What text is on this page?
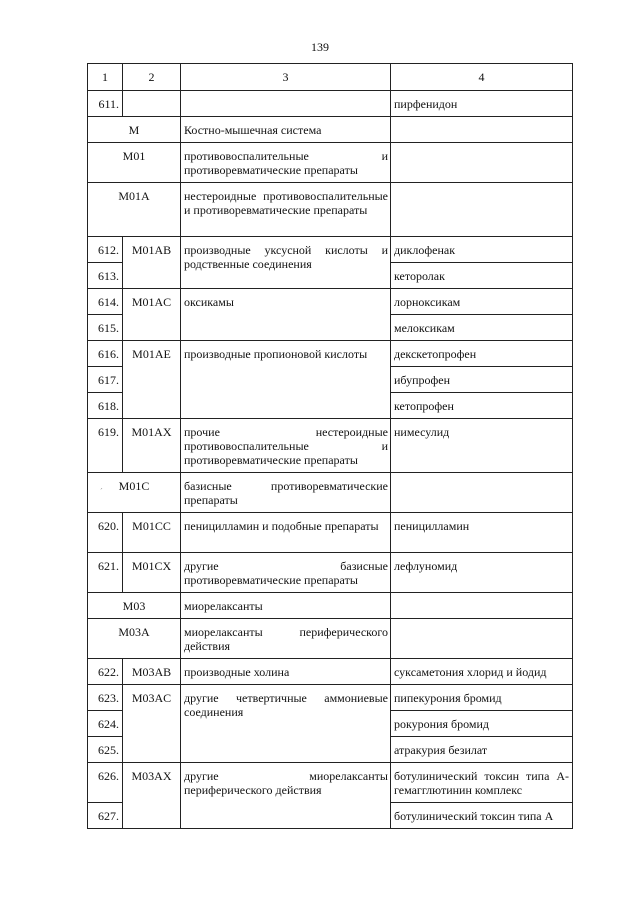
139
1	2	3	4
611.			пирфенидон
M		Костно-мышечная система	
M01		противовоспалительные и противоревматические препараты	
M01A		нестероидные противовоспалительные и противоревматические препараты	
612.	M01AB	производные уксусной кислоты и родственные соединения	диклофенак
613.			кеторолак
614.	M01AC	оксикамы	лорноксикам
615.			мелоксикам
616.	M01AE	производные пропионовой кислоты	декскетопрофен
617.			ибупрофен
618.			кетопрофен
619.	M01AX	прочие нестероидные противовоспалительные и противоревматические препараты	нимесулид
M01C		базисные противоревматические препараты	
620.	M01CC	пеницилламин и подобные препараты	пеницилламин
621.	M01CX	другие базисные противоревматические препараты	лефлуномид
M03		миорелаксанты	
M03A		миорелаксанты периферического действия	
622.	M03AB	производные холина	суксаметония хлорид и йодид
623.	M03AC	другие четвертичные аммониевые соединения	пипекурония бромид
624.			рокурония бромид
625.			атракурия безилат
626.	M03AX	другие миорелаксанты периферического действия	ботулинический токсин типа А-гемагглютинин комплекс
627.			ботулинический токсин типа А
´
